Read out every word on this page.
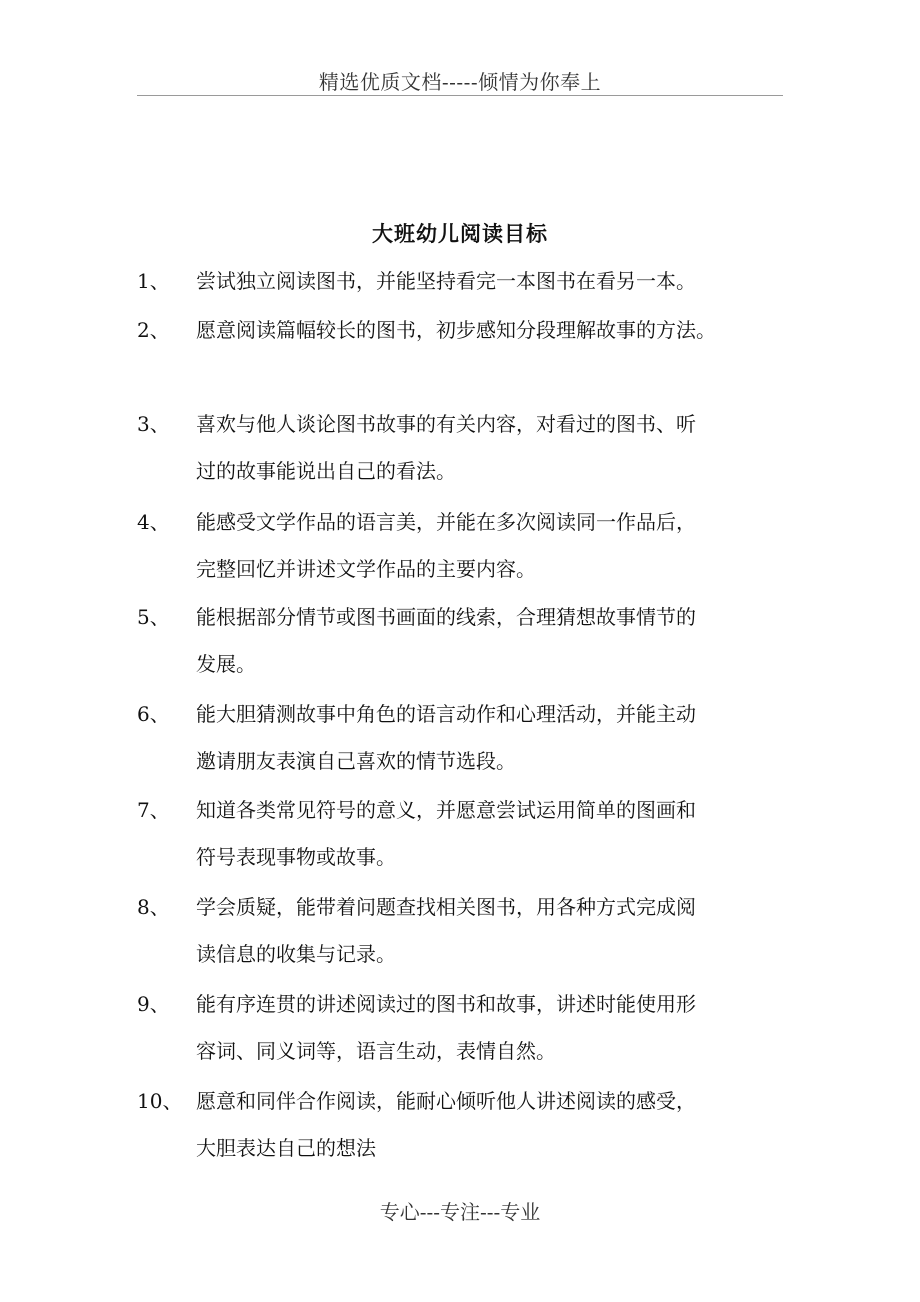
精选优质文档-----倾情为你奉上
大班幼儿阅读目标
1、 尝试独立阅读图书，并能坚持看完一本图书在看另一本。
2、 愿意阅读篇幅较长的图书，初步感知分段理解故事的方法。
3、 喜欢与他人谈论图书故事的有关内容，对看过的图书、听
过的故事能说出自己的看法。
4、 能感受文学作品的语言美，并能在多次阅读同一作品后，
完整回忆并讲述文学作品的主要内容。
5、 能根据部分情节或图书画面的线索，合理猜想故事情节的
发展。
6、 能大胆猜测故事中角色的语言动作和心理活动，并能主动
邀请朋友表演自己喜欢的情节选段。
7、 知道各类常见符号的意义，并愿意尝试运用简单的图画和
符号表现事物或故事。
8、 学会质疑，能带着问题查找相关图书，用各种方式完成阅
读信息的收集与记录。
9、 能有序连贯的讲述阅读过的图书和故事，讲述时能使用形
容词、同义词等，语言生动，表情自然。
10、 愿意和同伴合作阅读，能耐心倾听他人讲述阅读的感受，
大胆表达自己的想法
专心---专注---专业
